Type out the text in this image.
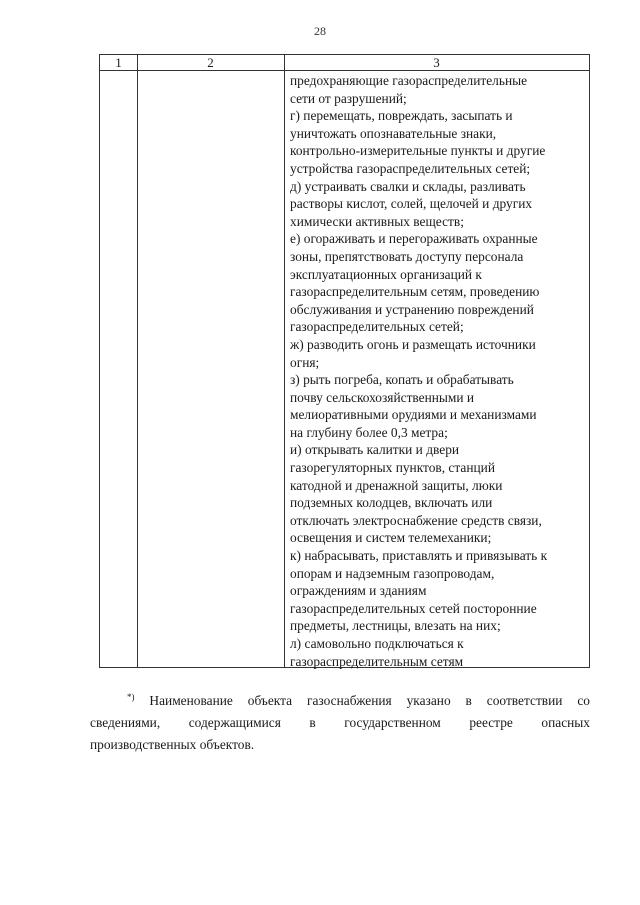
28
1	2	3
предохраняющие газораспределительные
сети от разрушений;
г) перемещать, повреждать, засыпать и
уничтожать опознавательные знаки,
контрольно-измерительные пункты и другие
устройства газораспределительных сетей;
д) устраивать свалки и склады, разливать
растворы кислот, солей, щелочей и других
химически активных веществ;
е) огораживать и перегораживать охранные
зоны, препятствовать доступу персонала
эксплуатационных организаций к
газораспределительным сетям, проведению
обслуживания и устранению повреждений
газораспределительных сетей;
ж) разводить огонь и размещать источники
огня;
з) рыть погреба, копать и обрабатывать
почву сельскохозяйственными и
мелиоративными орудиями и механизмами
на глубину более 0,3 метра;
и) открывать калитки и двери
газорегуляторных пунктов, станций
катодной и дренажной защиты, люки
подземных колодцев, включать или
отключать электроснабжение средств связи,
освещения и систем телемеханики;
к) набрасывать, приставлять и привязывать к
опорам и надземным газопроводам,
ограждениям и зданиям
газораспределительных сетей посторонние
предметы, лестницы, влезать на них;
л) самовольно подключаться к
газораспределительным сетям
*) Наименование объекта газоснабжения указано в соответствии со
сведениями, содержащимися в государственном реестре опасных
производственных объектов.
